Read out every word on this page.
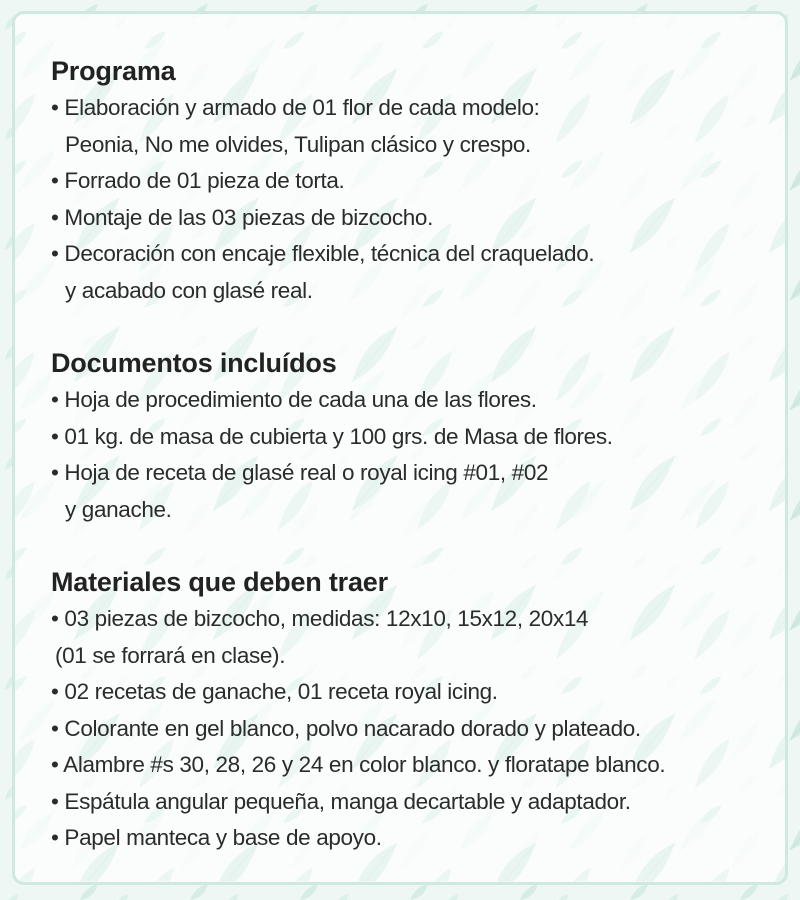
Programa
• Elaboración y armado de 01 flor de cada modelo:
Peonia, No me olvides, Tulipan clásico y crespo.
• Forrado de 01 pieza de torta.
• Montaje de las 03 piezas de bizcocho.
• Decoración con encaje flexible, técnica del craquelado.
y acabado con glasé real.
Documentos incluídos
• Hoja de procedimiento de cada una de las flores.
• 01 kg. de masa de cubierta y 100 grs. de Masa de flores.
• Hoja de receta de glasé real o royal icing #01, #02
y ganache.
Materiales que deben traer
• 03 piezas de bizcocho, medidas: 12x10, 15x12, 20x14
(01 se forrará en clase).
• 02 recetas de ganache, 01 receta royal icing.
• Colorante en gel blanco, polvo nacarado dorado y plateado.
• Alambre #s 30, 28, 26 y 24 en color blanco. y floratape blanco.
• Espátula angular pequeña, manga decartable y adaptador.
• Papel manteca y base de apoyo.
